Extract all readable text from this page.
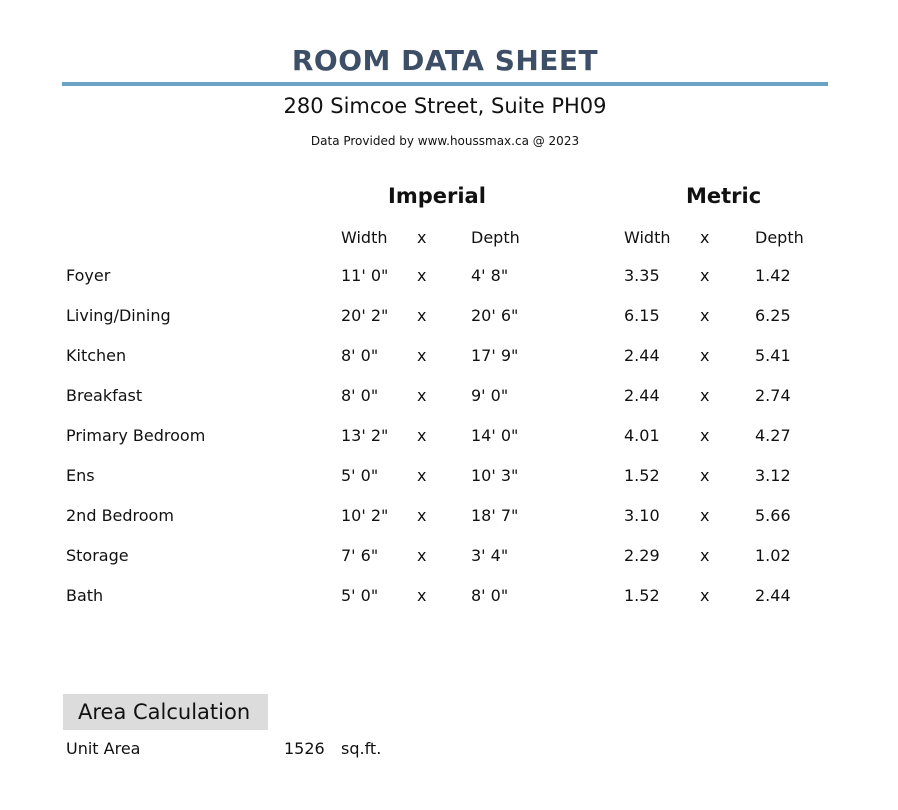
ROOM DATA SHEET
280 Simcoe Street, Suite PH09
Data Provided by www.houssmax.ca @ 2023
Imperial	Metric
Width x	Depth	Width x	Depth
Foyer	11' 0" x	4' 8"	3.35	x	1.42
Living/Dining	20' 2" x	20' 6"	6.15	x	6.25
Kitchen	8' 0" x	17' 9"	2.44	x	5.41
Breakfast	8' 0" x	9' 0"	2.44	x	2.74
Primary Bedroom	13' 2" x	14' 0"	4.01	x	4.27
Ens	5' 0" x	10' 3"	1.52	x	3.12
2nd Bedroom	10' 2" x	18' 7"	3.10	x	5.66
Storage	7' 6" x	3' 4"	2.29	x	1.02
Bath	5' 0" x	8' 0"	1.52	x	2.44
Area Calculation
Unit Area	1526 sq.ft.
